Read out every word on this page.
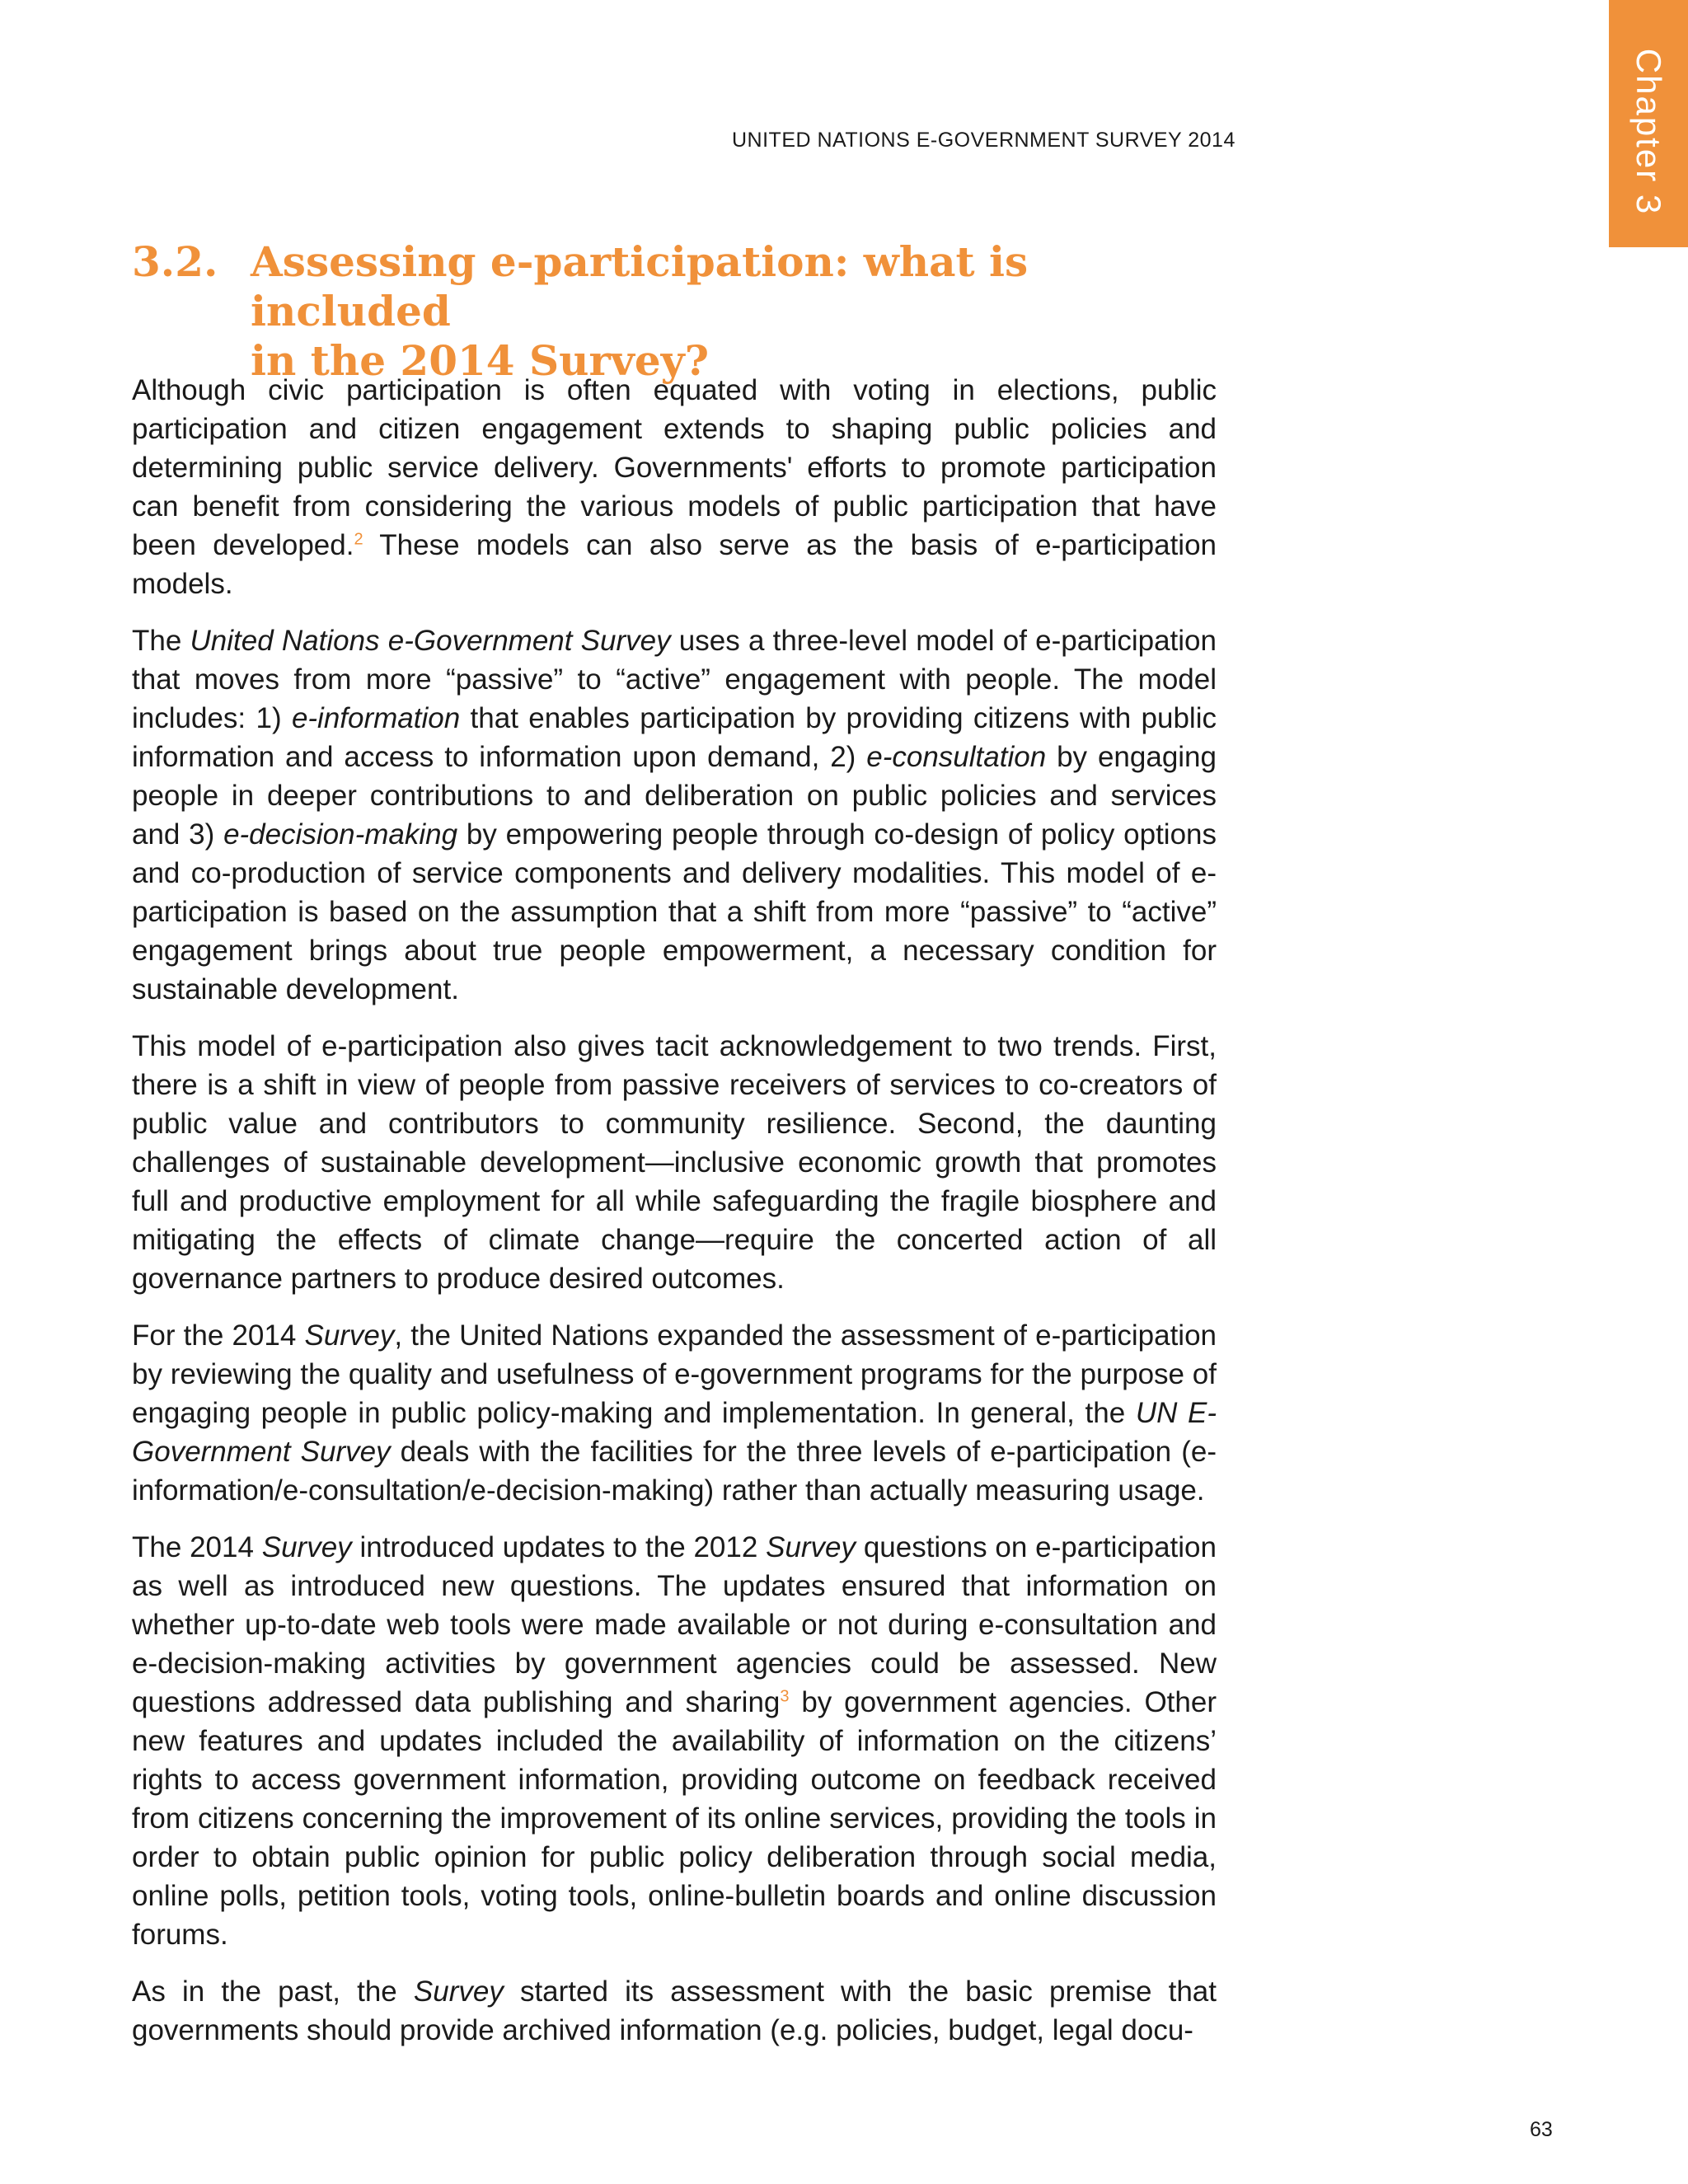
Chapter 3
UNITED NATIONS E-GOVERNMENT SURVEY 2014
3.2. Assessing e-participation: what is included
in the 2014 Survey?

Although civic participation is often equated with voting in elections, public participation and citizen engagement extends to shaping public policies and determining public service delivery. Governments' efforts to promote participation can benefit from considering the various models of public participation that have been developed.$^2$ These models can also serve as the basis of e-participation models.

The United Nations e-Government Survey uses a three-level model of e-participation that moves from more “passive” to “active” engagement with people. The model includes: 1) e-information that enables participation by providing citizens with public information and access to information upon demand, 2) e-consultation by engaging people in deeper contributions to and deliberation on public policies and services and 3) e-decision-making by empowering people through co-design of policy options and co-production of service components and delivery modalities. This model of e-participation is based on the assumption that a shift from more “passive” to “active” engagement brings about true people empowerment, a necessary condition for sustainable development.

This model of e-participation also gives tacit acknowledgement to two trends. First, there is a shift in view of people from passive receivers of services to co-creators of public value and contributors to community resilience. Second, the daunting challenges of sustainable development—inclusive economic growth that promotes full and productive employment for all while safeguarding the fragile biosphere and mitigating the effects of climate change—require the concerted action of all governance partners to produce desired outcomes.

For the 2014 Survey, the United Nations expanded the assessment of e-participation by reviewing the quality and usefulness of e-government programs for the purpose of engaging people in public policy-making and implementation. In general, the UN E-Government Survey deals with the facilities for the three levels of e-participation (e-information/e-consultation/e-decision-making) rather than actually measuring usage.

The 2014 Survey introduced updates to the 2012 Survey questions on e-participation as well as introduced new questions. The updates ensured that information on whether up-to-date web tools were made available or not during e-consultation and e-decision-making activities by government agencies could be assessed. New questions addressed data publishing and sharing$^3$ by government agencies. Other new features and updates included the availability of information on the citizens’ rights to access government information, providing outcome on feedback received from citizens concerning the improvement of its online services, providing the tools in order to obtain public opinion for public policy deliberation through social media, online polls, petition tools, voting tools, online-bulletin boards and online discussion forums.

As in the past, the Survey started its assessment with the basic premise that governments should provide archived information (e.g. policies, budget, legal docu-

63
